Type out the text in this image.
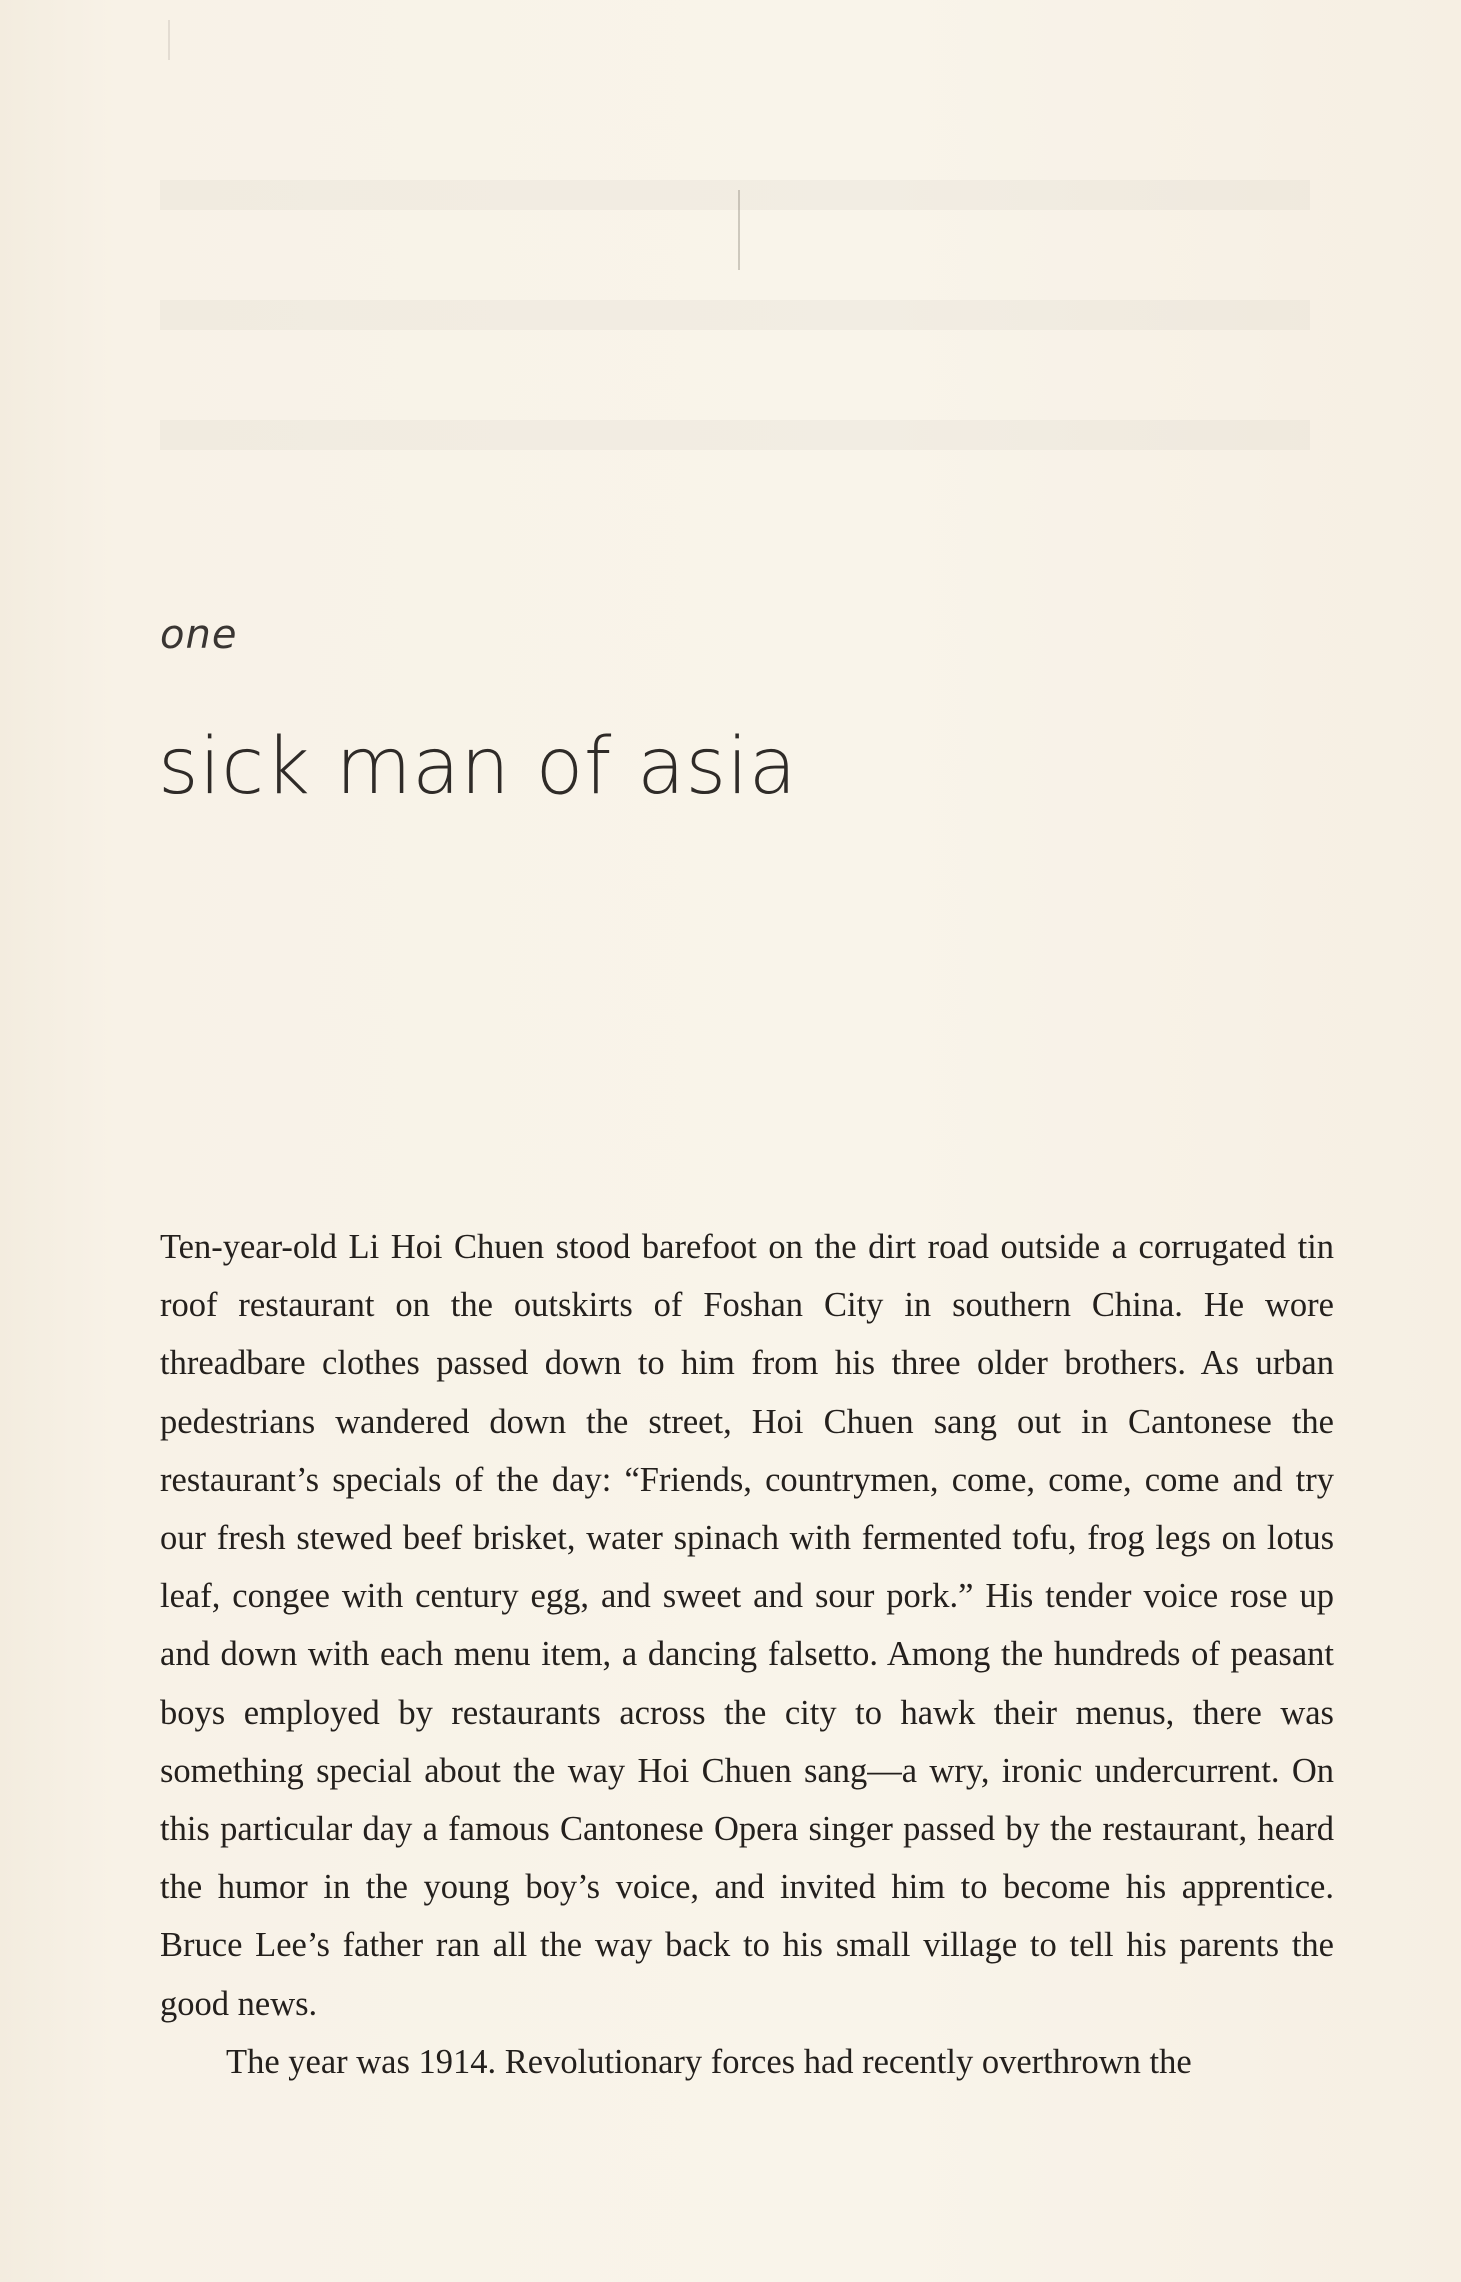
one
sick man of asia

Ten-year-old Li Hoi Chuen stood barefoot on the dirt road outside a corrugated tin roof restaurant on the outskirts of Foshan City in southern China. He wore threadbare clothes passed down to him from his three older brothers. As urban pedestrians wandered down the street, Hoi Chuen sang out in Cantonese the restaurant’s specials of the day: “Friends, countrymen, come, come, come and try our fresh stewed beef brisket, water spinach with fermented tofu, frog legs on lotus leaf, congee with century egg, and sweet and sour pork.” His tender voice rose up and down with each menu item, a dancing falsetto. Among the hundreds of peasant boys employed by restaurants across the city to hawk their menus, there was something special about the way Hoi Chuen sang—a wry, ironic undercurrent. On this particular day a famous Cantonese Opera singer passed by the restaurant, heard the humor in the young boy’s voice, and invited him to become his apprentice. Bruce Lee’s father ran all the way back to his small village to tell his parents the good news.

The year was 1914. Revolutionary forces had recently overthrown the
